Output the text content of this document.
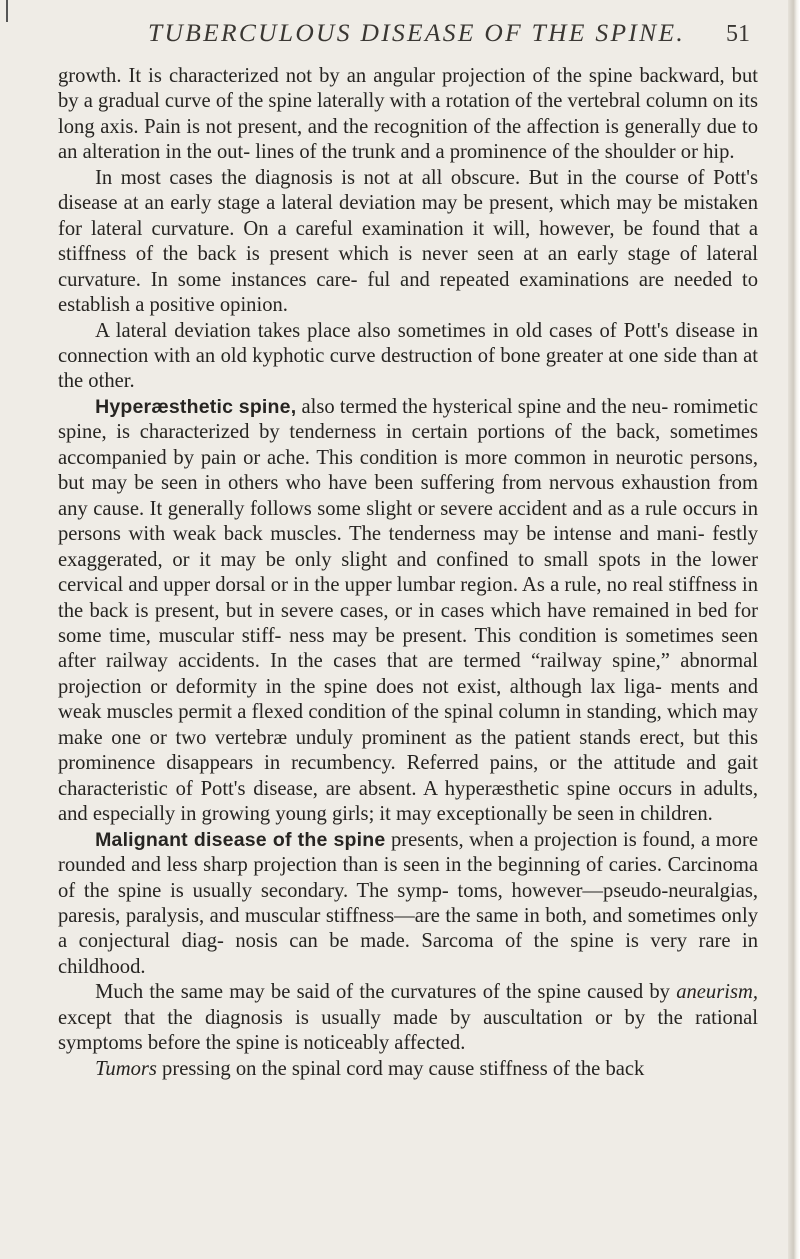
TUBERCULOUS DISEASE OF THE SPINE. 51

growth. It is characterized not by an angular projection of the spine backward, but by a gradual curve of the spine laterally with a rotation of the vertebral column on its long axis. Pain is not present, and the recognition of the affection is generally due to an alteration in the out- lines of the trunk and a prominence of the shoulder or hip.

In most cases the diagnosis is not at all obscure. But in the course of Pott's disease at an early stage a lateral deviation may be present, which may be mistaken for lateral curvature. On a careful examination it will, however, be found that a stiffness of the back is present which is never seen at an early stage of lateral curvature. In some instances care- ful and repeated examinations are needed to establish a positive opinion.

A lateral deviation takes place also sometimes in old cases of Pott's disease in connection with an old kyphotic curve destruction of bone greater at one side than at the other.

Hyperæsthetic spine, also termed the hysterical spine and the neu- romimetic spine, is characterized by tenderness in certain portions of the back, sometimes accompanied by pain or ache. This condition is more common in neurotic persons, but may be seen in others who have been suffering from nervous exhaustion from any cause. It generally follows some slight or severe accident and as a rule occurs in persons with weak back muscles. The tenderness may be intense and mani- festly exaggerated, or it may be only slight and confined to small spots in the lower cervical and upper dorsal or in the upper lumbar region. As a rule, no real stiffness in the back is present, but in severe cases, or in cases which have remained in bed for some time, muscular stiff- ness may be present. This condition is sometimes seen after railway accidents. In the cases that are termed “railway spine,” abnormal projection or deformity in the spine does not exist, although lax liga- ments and weak muscles permit a flexed condition of the spinal column in standing, which may make one or two vertebræ unduly prominent as the patient stands erect, but this prominence disappears in recumbency. Referred pains, or the attitude and gait characteristic of Pott's disease, are absent. A hyperæsthetic spine occurs in adults, and especially in growing young girls; it may exceptionally be seen in children.

Malignant disease of the spine presents, when a projection is found, a more rounded and less sharp projection than is seen in the beginning of caries. Carcinoma of the spine is usually secondary. The symp- toms, however—pseudo-neuralgias, paresis, paralysis, and muscular stiffness—are the same in both, and sometimes only a conjectural diag- nosis can be made. Sarcoma of the spine is very rare in childhood.

Much the same may be said of the curvatures of the spine caused by aneurism, except that the diagnosis is usually made by auscultation or by the rational symptoms before the spine is noticeably affected.

Tumors pressing on the spinal cord may cause stiffness of the back
